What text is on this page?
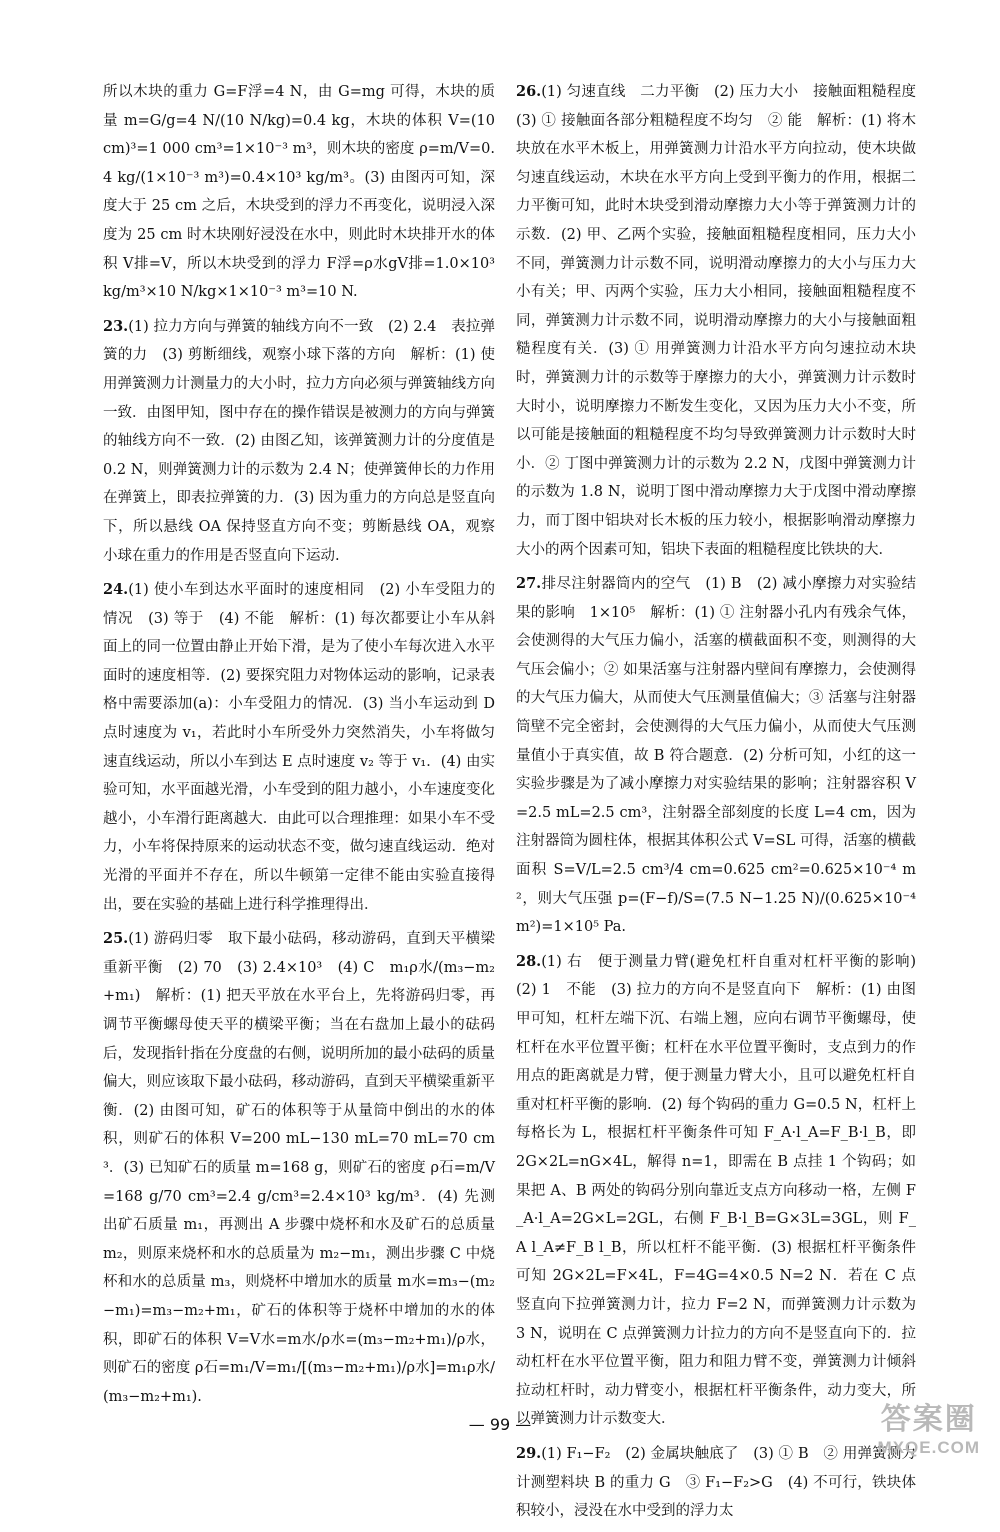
所以木块的重力 G=F浮=4 N，由 G=mg 可得，木块的质量 m=G/g=4 N/(10 N/kg)=0.4 kg，木块的体积 V=(10 cm)³=1 000 cm³=1×10⁻³ m³，则木块的密度 ρ=m/V=0.4 kg/(1×10⁻³ m³)=0.4×10³ kg/m³。(3) 由图丙可知，深度大于 25 cm 之后，木块受到的浮力不再变化，说明浸入深度为 25 cm 时木块刚好浸没在水中，则此时木块排开水的体积 V排=V，所以木块受到的浮力 F浮=ρ水gV排=1.0×10³ kg/m³×10 N/kg×1×10⁻³ m³=10 N.

23.(1) 拉力方向与弹簧的轴线方向不一致　(2) 2.4　表拉弹簧的力　(3) 剪断细线，观察小球下落的方向　解析：(1) 使用弹簧测力计测量力的大小时，拉力方向必须与弹簧轴线方向一致．由图甲知，图中存在的操作错误是被测力的方向与弹簧的轴线方向不一致．(2) 由图乙知，该弹簧测力计的分度值是 0.2 N，则弹簧测力计的示数为 2.4 N；使弹簧伸长的力作用在弹簧上，即表拉弹簧的力．(3) 因为重力的方向总是竖直向下，所以悬线 OA 保持竖直方向不变；剪断悬线 OA，观察小球在重力的作用是否竖直向下运动.

24.(1) 使小车到达水平面时的速度相同　(2) 小车受阻力的情况　(3) 等于　(4) 不能　解析：(1) 每次都要让小车从斜面上的同一位置由静止开始下滑，是为了使小车每次进入水平面时的速度相等．(2) 要探究阻力对物体运动的影响，记录表格中需要添加(a)：小车受阻力的情况．(3) 当小车运动到 D 点时速度为 v₁，若此时小车所受外力突然消失，小车将做匀速直线运动，所以小车到达 E 点时速度 v₂ 等于 v₁．(4) 由实验可知，水平面越光滑，小车受到的阻力越小，小车速度变化越小，小车滑行距离越大．由此可以合理推理：如果小车不受力，小车将保持原来的运动状态不变，做匀速直线运动．绝对光滑的平面并不存在，所以牛顿第一定律不能由实验直接得出，要在实验的基础上进行科学推理得出．

25.(1) 游码归零　取下最小砝码，移动游码，直到天平横梁重新平衡　(2) 70　(3) 2.4×10³　(4) C　m₁ρ水/(m₃−m₂+m₁)　解析：(1) 把天平放在水平台上，先将游码归零，再调节平衡螺母使天平的横梁平衡；当在右盘加上最小的砝码后，发现指针指在分度盘的右侧，说明所加的最小砝码的质量偏大，则应该取下最小砝码，移动游码，直到天平横梁重新平衡．(2) 由图可知，矿石的体积等于从量筒中倒出的水的体积，则矿石的体积 V=200 mL−130 mL=70 mL=70 cm³．(3) 已知矿石的质量 m=168 g，则矿石的密度 ρ石=m/V=168 g/70 cm³=2.4 g/cm³=2.4×10³ kg/m³．(4) 先测出矿石质量 m₁，再测出 A 步骤中烧杯和水及矿石的总质量 m₂，则原来烧杯和水的总质量为 m₂−m₁，测出步骤 C 中烧杯和水的总质量 m₃，则烧杯中增加水的质量 m水=m₃−(m₂−m₁)=m₃−m₂+m₁，矿石的体积等于烧杯中增加的水的体积，即矿石的体积 V=V水=m水/ρ水=(m₃−m₂+m₁)/ρ水，则矿石的密度 ρ石=m₁/V=m₁/[(m₃−m₂+m₁)/ρ水]=m₁ρ水/(m₃−m₂+m₁).

26.(1) 匀速直线　二力平衡　(2) 压力大小　接触面粗糙程度　(3) ① 接触面各部分粗糙程度不均匀　② 能　解析：(1) 将木块放在水平木板上，用弹簧测力计沿水平方向拉动，使木块做匀速直线运动，木块在水平方向上受到平衡力的作用，根据二力平衡可知，此时木块受到滑动摩擦力大小等于弹簧测力计的示数．(2) 甲、乙两个实验，接触面粗糙程度相同，压力大小不同，弹簧测力计示数不同，说明滑动摩擦力的大小与压力大小有关；甲、丙两个实验，压力大小相同，接触面粗糙程度不同，弹簧测力计示数不同，说明滑动摩擦力的大小与接触面粗糙程度有关．(3) ① 用弹簧测力计沿水平方向匀速拉动木块时，弹簧测力计的示数等于摩擦力的大小，弹簧测力计示数时大时小，说明摩擦力不断发生变化，又因为压力大小不变，所以可能是接触面的粗糙程度不均匀导致弹簧测力计示数时大时小．② 丁图中弹簧测力计的示数为 2.2 N，戊图中弹簧测力计的示数为 1.8 N，说明丁图中滑动摩擦力大于戊图中滑动摩擦力，而丁图中铝块对长木板的压力较小，根据影响滑动摩擦力大小的两个因素可知，铝块下表面的粗糙程度比铁块的大．

27.排尽注射器筒内的空气　(1) B　(2) 减小摩擦力对实验结果的影响　1×10⁵　解析：(1) ① 注射器小孔内有残余气体，会使测得的大气压力偏小，活塞的横截面积不变，则测得的大气压会偏小；② 如果活塞与注射器内壁间有摩擦力，会使测得的大气压力偏大，从而使大气压测量值偏大；③ 活塞与注射器筒壁不完全密封，会使测得的大气压力偏小，从而使大气压测量值小于真实值，故 B 符合题意．(2) 分析可知，小红的这一实验步骤是为了减小摩擦力对实验结果的影响；注射器容积 V=2.5 mL=2.5 cm³，注射器全部刻度的长度 L=4 cm，因为注射器筒为圆柱体，根据其体积公式 V=SL 可得，活塞的横截面积 S=V/L=2.5 cm³/4 cm=0.625 cm²=0.625×10⁻⁴ m²，则大气压强 p=(F−f)/S=(7.5 N−1.25 N)/(0.625×10⁻⁴ m²)=1×10⁵ Pa.

28.(1) 右　便于测量力臂(避免杠杆自重对杠杆平衡的影响)　(2) 1　不能　(3) 拉力的方向不是竖直向下　解析：(1) 由图甲可知，杠杆左端下沉、右端上翘，应向右调节平衡螺母，使杠杆在水平位置平衡；杠杆在水平位置平衡时，支点到力的作用点的距离就是力臂，便于测量力臂大小，且可以避免杠杆自重对杠杆平衡的影响．(2) 每个钩码的重力 G=0.5 N，杠杆上每格长为 L，根据杠杆平衡条件可知 F_A·l_A=F_B·l_B，即 2G×2L=nG×4L，解得 n=1，即需在 B 点挂 1 个钩码；如果把 A、B 两处的钩码分别向靠近支点方向移动一格，左侧 F_A·l_A=2G×L=2GL，右侧 F_B·l_B=G×3L=3GL，则 F_A l_A≠F_B l_B，所以杠杆不能平衡．(3) 根据杠杆平衡条件可知 2G×2L=F×4L，F=4G=4×0.5 N=2 N．若在 C 点竖直向下拉弹簧测力计，拉力 F=2 N，而弹簧测力计示数为 3 N，说明在 C 点弹簧测力计拉力的方向不是竖直向下的．拉动杠杆在水平位置平衡，阻力和阻力臂不变，弹簧测力计倾斜拉动杠杆时，动力臂变小，根据杠杆平衡条件，动力变大，所以弹簧测力计示数变大．

29.(1) F₁−F₂　(2) 金属块触底了　(3) ① B　② 用弹簧测力计测塑料块 B 的重力 G　③ F₁−F₂>G　(4) 不可行，铁块体积较小，浸没在水中受到的浮力太

— 99 —	答案圈
MXQE.COM
